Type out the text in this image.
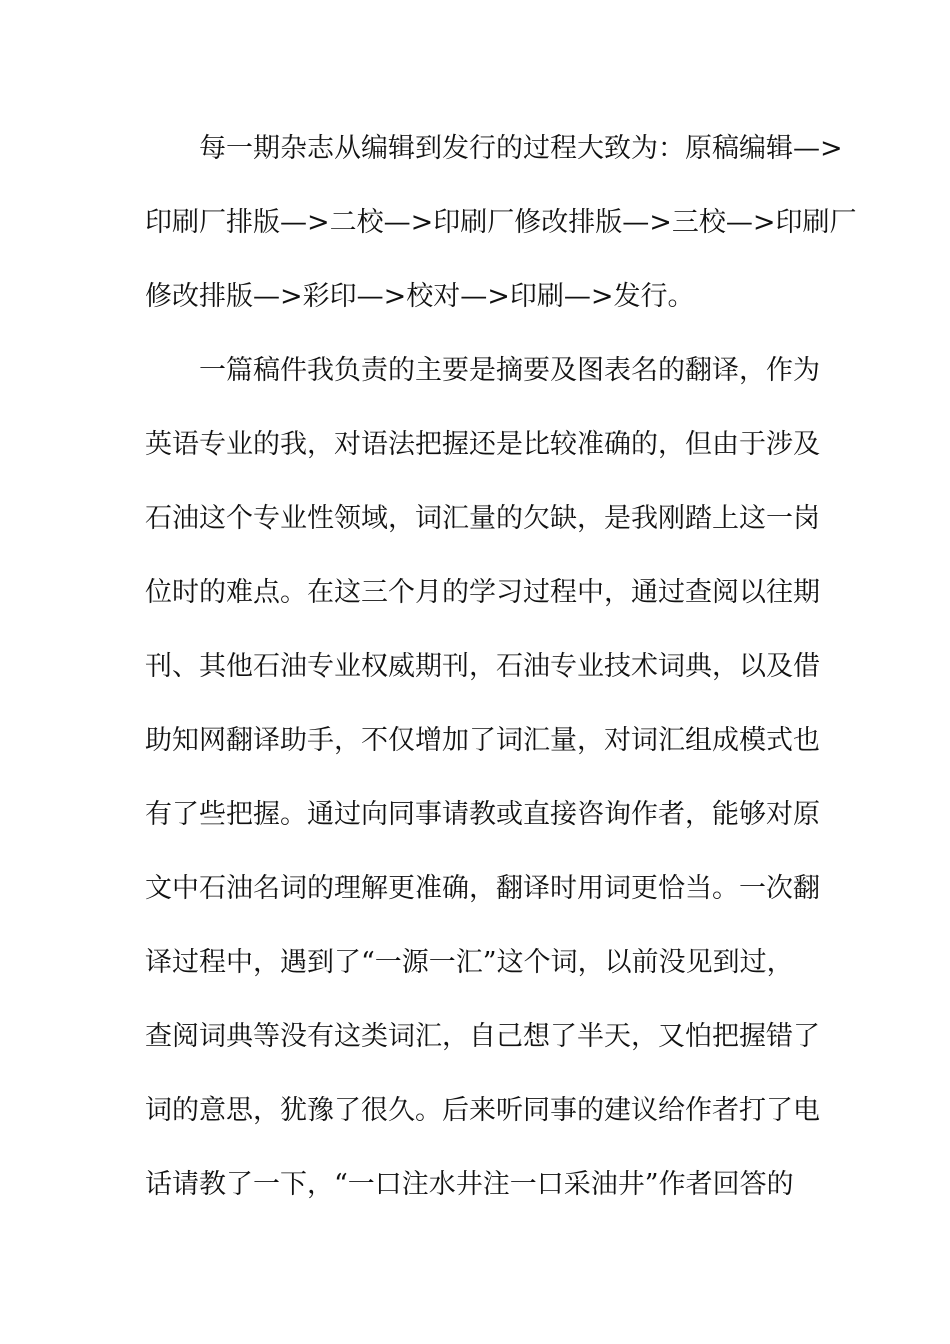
每一期杂志从编辑到发行的过程大致为：原稿编辑—>
印刷厂排版—>二校—>印刷厂修改排版—>三校—>印刷厂
修改排版—>彩印—>校对—>印刷—>发行。
一篇稿件我负责的主要是摘要及图表名的翻译，作为
英语专业的我，对语法把握还是比较准确的，但由于涉及
石油这个专业性领域，词汇量的欠缺，是我刚踏上这一岗
位时的难点。在这三个月的学习过程中，通过查阅以往期
刊、其他石油专业权威期刊，石油专业技术词典，以及借
助知网翻译助手，不仅增加了词汇量，对词汇组成模式也
有了些把握。通过向同事请教或直接咨询作者，能够对原
文中石油名词的理解更准确，翻译时用词更恰当。一次翻
译过程中，遇到了“一源一汇”这个词，以前没见到过，
查阅词典等没有这类词汇，自己想了半天，又怕把握错了
词的意思，犹豫了很久。后来听同事的建议给作者打了电
话请教了一下，“一口注水井注一口采油井”作者回答的
